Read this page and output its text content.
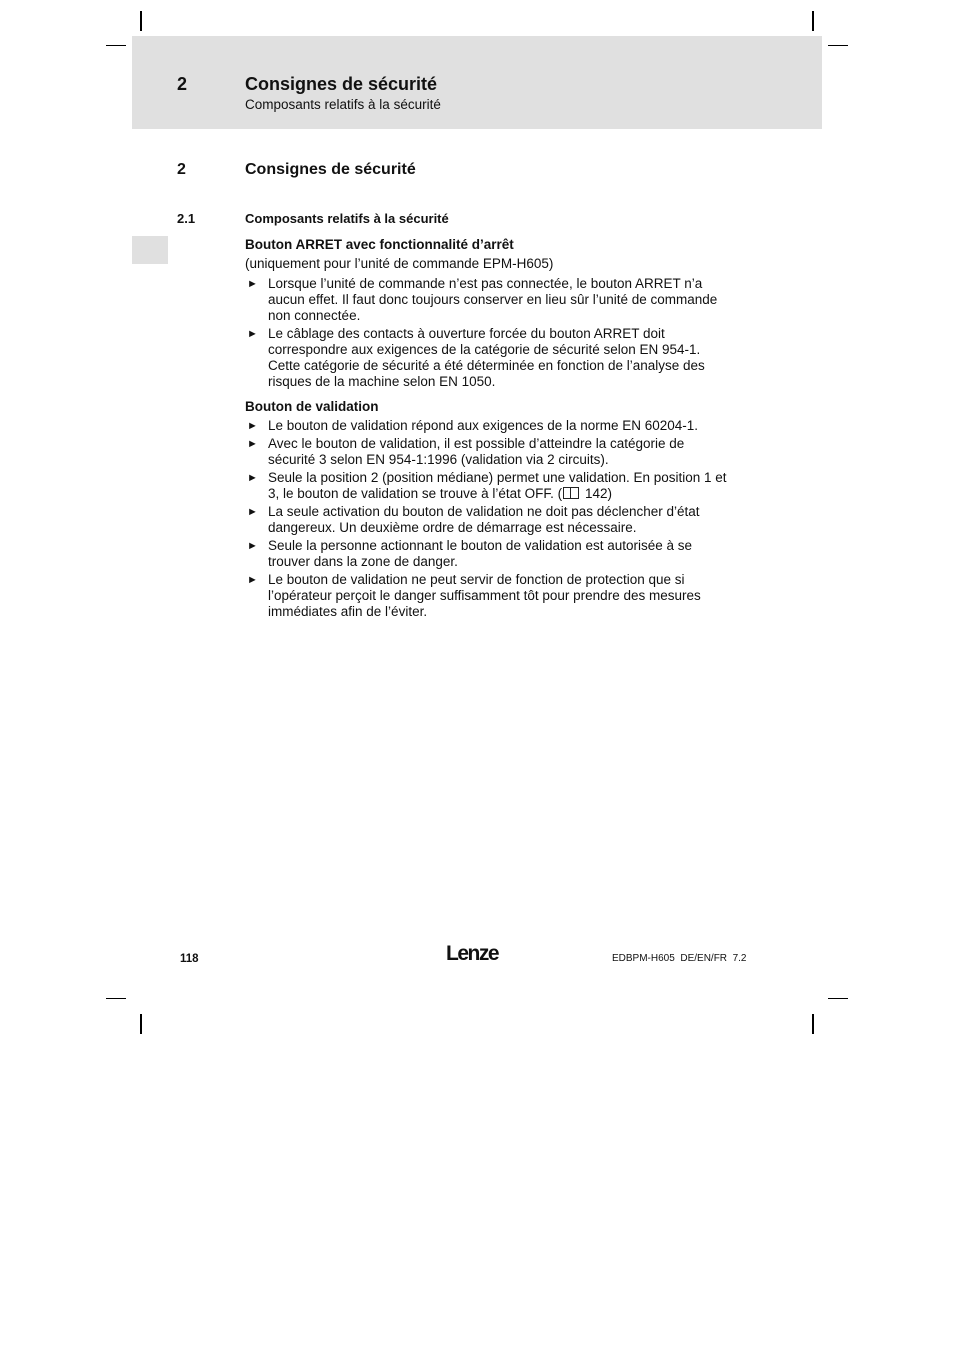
2	Consignes de sécurité
Composants relatifs à la sécurité
2	Consignes de sécurité
2.1	Composants relatifs à la sécurité

Bouton ARRET avec fonctionnalité d’arrêt

(uniquement pour l’unité de commande EPM-H605)

► Lorsque l’unité de commande n’est pas connectée, le bouton ARRET n’a aucun effet. Il faut donc toujours conserver en lieu sûr l’unité de commande non connectée.
► Le câblage des contacts à ouverture forcée du bouton ARRET doit correspondre aux exigences de la catégorie de sécurité selon EN 954-1. Cette catégorie de sécurité a été déterminée en fonction de l’analyse des risques de la machine selon EN 1050.

Bouton de validation

► Le bouton de validation répond aux exigences de la norme EN 60204-1.
► Avec le bouton de validation, il est possible d’atteindre la catégorie de sécurité 3 selon EN 954-1:1996 (validation via 2 circuits).
► Seule la position 2 (position médiane) permet une validation. En position 1 et 3, le bouton de validation se trouve à l’état OFF. ( 142)
► La seule activation du bouton de validation ne doit pas déclencher d’état dangereux. Un deuxième ordre de démarrage est nécessaire.
► Seule la personne actionnant le bouton de validation est autorisée à se trouver dans la zone de danger.
► Le bouton de validation ne peut servir de fonction de protection que si l’opérateur perçoit le danger suffisamment tôt pour prendre des mesures immédiates afin de l’éviter.
118	Lenze	EDBPM-H605  DE/EN/FR  7.2
